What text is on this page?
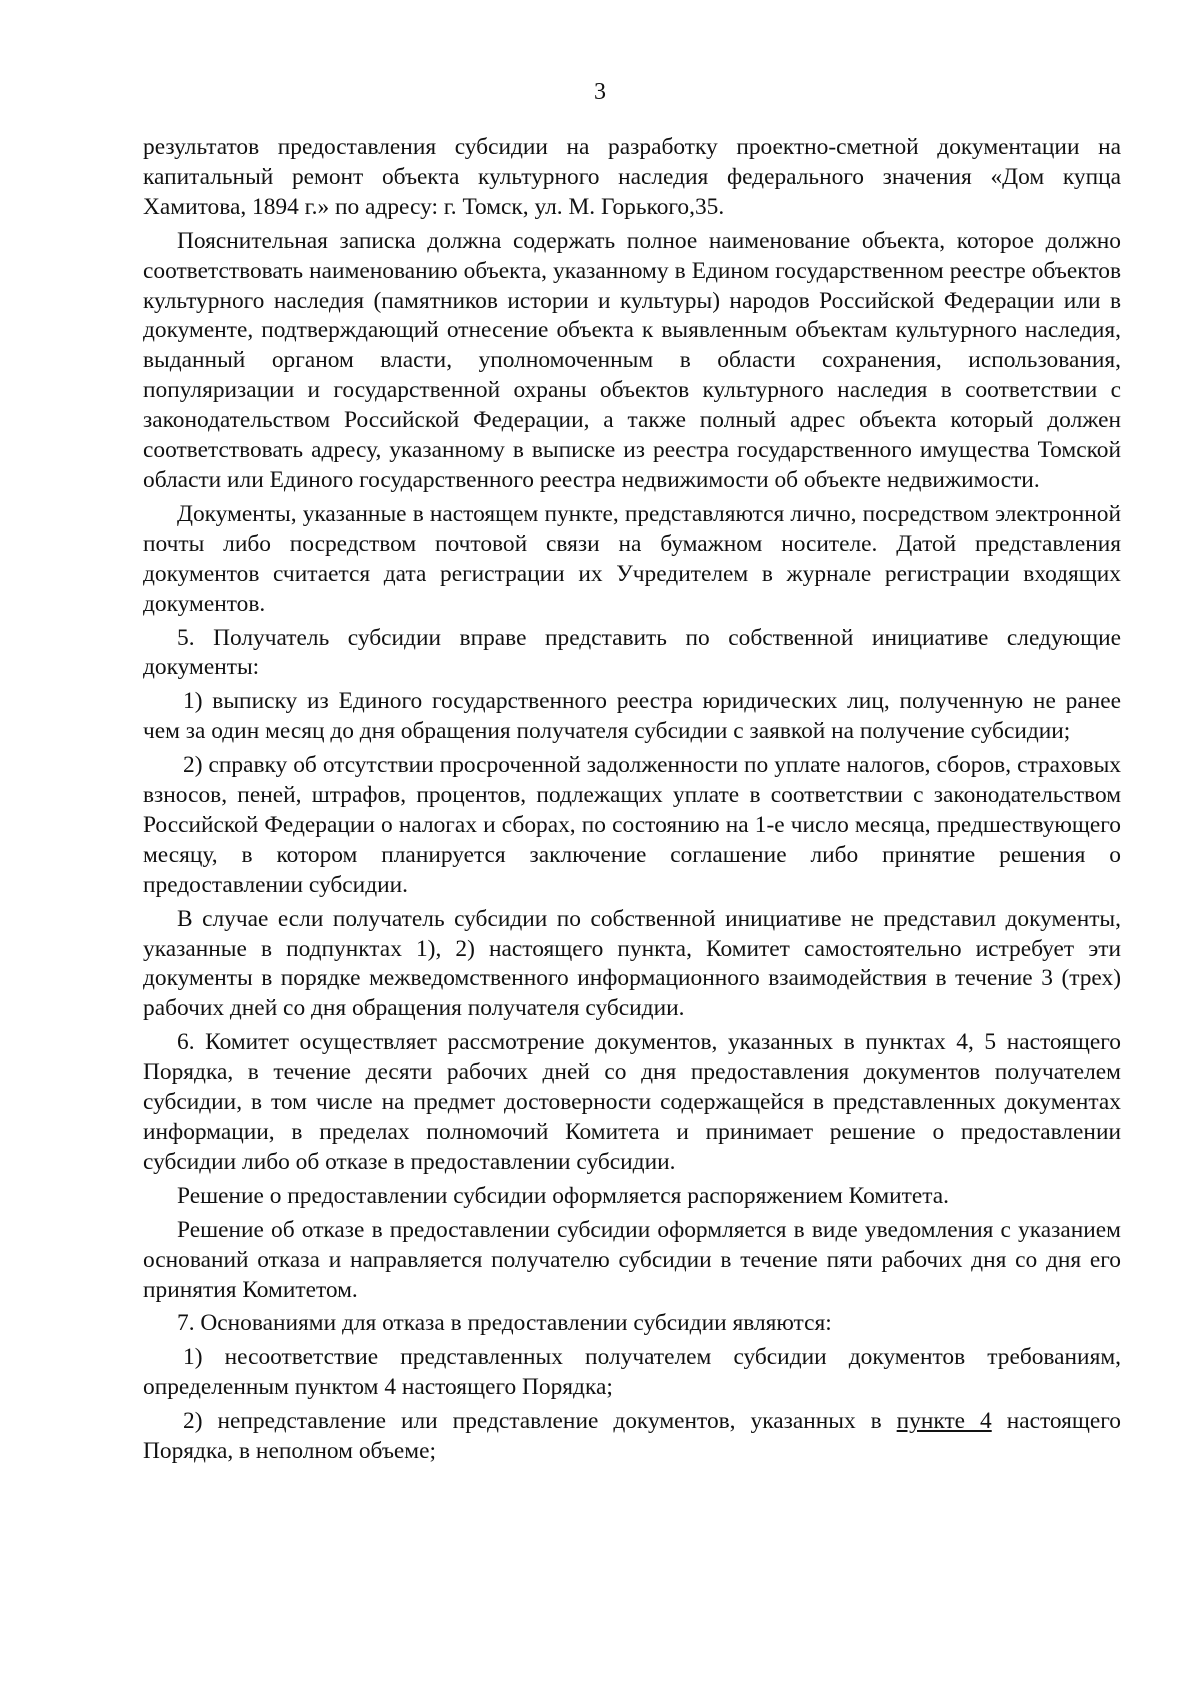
3

результатов предоставления субсидии на разработку проектно-сметной документации на капитальный ремонт объекта культурного наследия федерального значения «Дом купца Хамитова, 1894 г.» по адресу: г. Томск, ул. М. Горького,35.

Пояснительная записка должна содержать полное наименование объекта, которое должно соответствовать наименованию объекта, указанному в Едином государственном реестре объектов культурного наследия (памятников истории и культуры) народов Российской Федерации или в документе, подтверждающий отнесение объекта к выявленным объектам культурного наследия, выданный органом власти, уполномоченным в области сохранения, использования, популяризации и государственной охраны объектов культурного наследия в соответствии с законодательством Российской Федерации, а также полный адрес объекта который должен соответствовать адресу, указанному в выписке из реестра государственного имущества Томской области или Единого государственного реестра недвижимости об объекте недвижимости.

Документы, указанные в настоящем пункте, представляются лично, посредством электронной почты либо посредством почтовой связи на бумажном носителе. Датой представления документов считается дата регистрации их Учредителем в журнале регистрации входящих документов.

5. Получатель субсидии вправе представить по собственной инициативе следующие документы:

1) выписку из Единого государственного реестра юридических лиц, полученную не ранее чем за один месяц до дня обращения получателя субсидии с заявкой на получение субсидии;

2) справку об отсутствии просроченной задолженности по уплате налогов, сборов, страховых взносов, пеней, штрафов, процентов, подлежащих уплате в соответствии с законодательством Российской Федерации о налогах и сборах, по состоянию на 1-е число месяца, предшествующего месяцу, в котором планируется заключение соглашение либо принятие решения о предоставлении субсидии.

В случае если получатель субсидии по собственной инициативе не представил документы, указанные в подпунктах 1), 2) настоящего пункта, Комитет самостоятельно истребует эти документы в порядке межведомственного информационного взаимодействия в течение 3 (трех) рабочих дней со дня обращения получателя субсидии.

6. Комитет осуществляет рассмотрение документов, указанных в пунктах 4, 5 настоящего Порядка, в течение десяти рабочих дней со дня предоставления документов получателем субсидии, в том числе на предмет достоверности содержащейся в представленных документах информации, в пределах полномочий Комитета и принимает решение о предоставлении субсидии либо об отказе в предоставлении субсидии.

Решение о предоставлении субсидии оформляется распоряжением Комитета.

Решение об отказе в предоставлении субсидии оформляется в виде уведомления с указанием оснований отказа и направляется получателю субсидии в течение пяти рабочих дня со дня его принятия Комитетом.

7. Основаниями для отказа в предоставлении субсидии являются:

1) несоответствие представленных получателем субсидии документов требованиям, определенным пунктом 4 настоящего Порядка;

2) непредставление или представление документов, указанных в пункте 4 настоящего Порядка, в неполном объеме;
